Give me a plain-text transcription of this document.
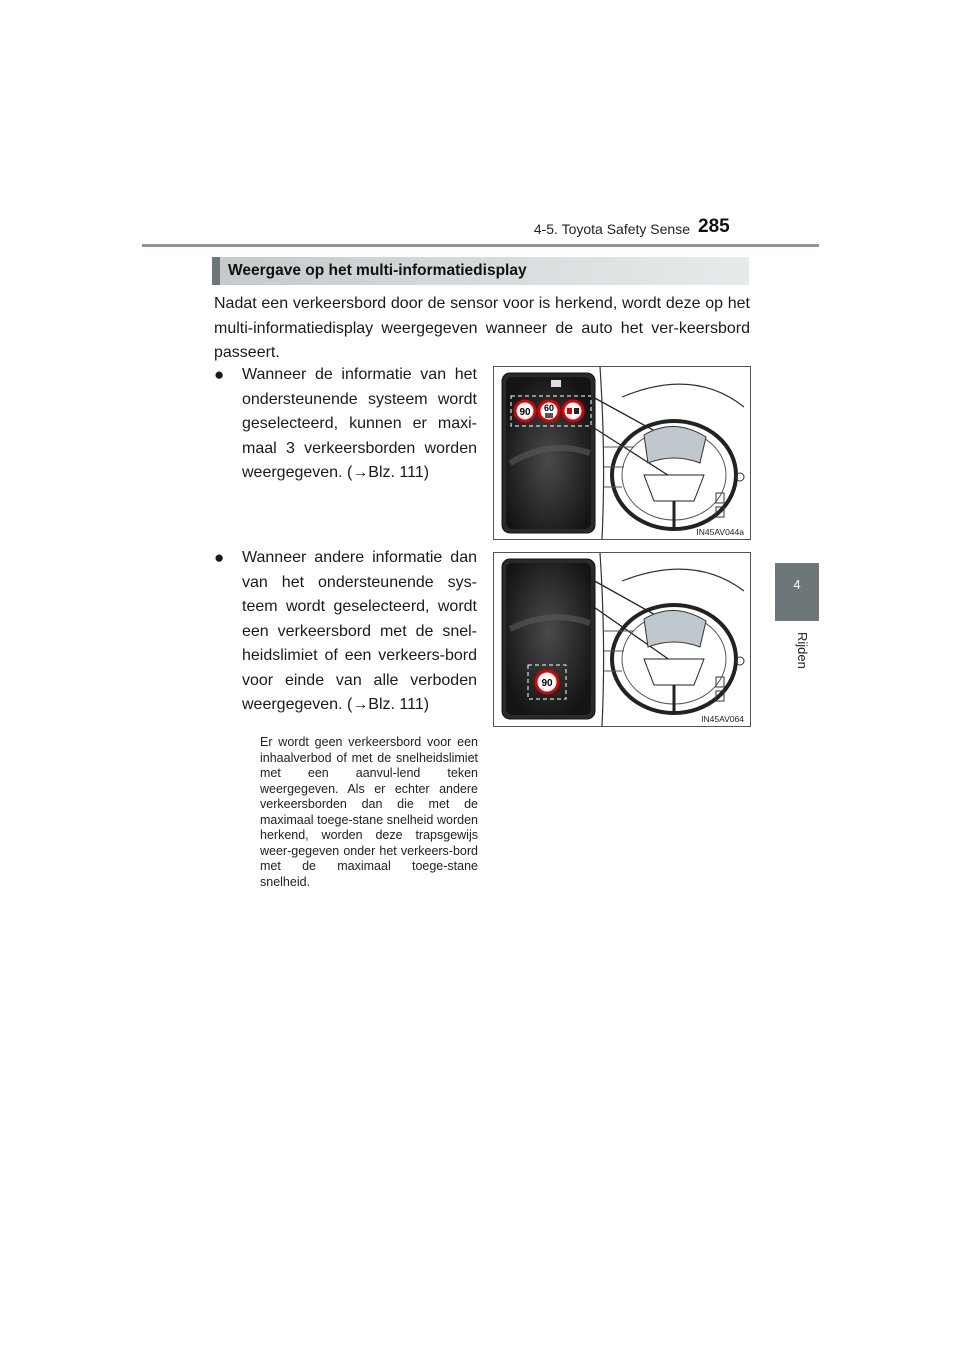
4-5. Toyota Safety Sense 285
4
Rijden
Weergave op het multi-informatiedisplay
Nadat een verkeersbord door de sensor voor is herkend, wordt deze op het multi-informatiedisplay weergegeven wanneer de auto het ver-keersbord passeert.
● Wanneer de informatie van het ondersteunende systeem wordt geselecteerd, kunnen er maxi-maal 3 verkeersborden worden weergegeven. (→Blz. 111)
● Wanneer andere informatie dan van het ondersteunende sys-teem wordt geselecteerd, wordt een verkeersbord met de snel-heidslimiet of een verkeers-bord voor einde van alle verboden weergegeven. (→Blz. 111)
Er wordt geen verkeersbord voor een inhaalverbod of met de snelheidslimiet met een aanvul-lend teken weergegeven. Als er echter andere verkeersborden dan die met de maximaal toege-stane snelheid worden herkend, worden deze trapsgewijs weer-gegeven onder het verkeers-bord met de maximaal toege-stane snelheid.
90 60
IN45AV044a
90
IN45AV064
